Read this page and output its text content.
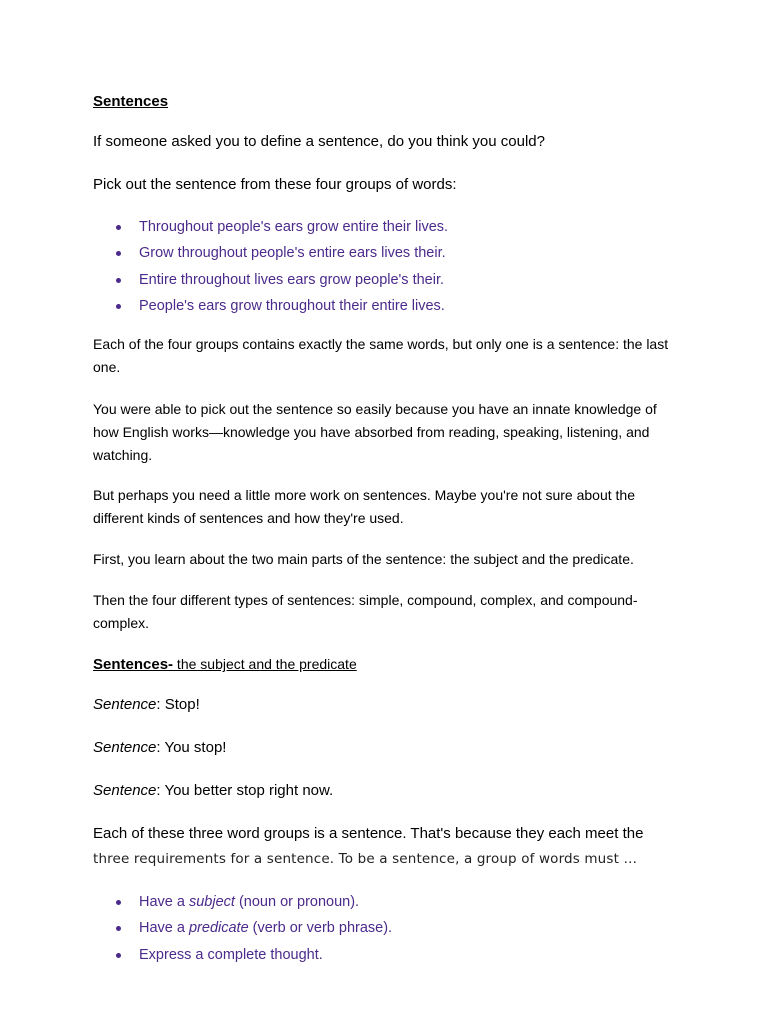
Sentences
If someone asked you to define a sentence, do you think you could?
Pick out the sentence from these four groups of words:
Throughout people's ears grow entire their lives.
Grow throughout people's entire ears lives their.
Entire throughout lives ears grow people's their.
People's ears grow throughout their entire lives.
Each of the four groups contains exactly the same words, but only one is a sentence: the last one.
You were able to pick out the sentence so easily because you have an innate knowledge of how English works—knowledge you have absorbed from reading, speaking, listening, and watching.
But perhaps you need a little more work on sentences. Maybe you're not sure about the different kinds of sentences and how they're used.
First, you learn about the two main parts of the sentence: the subject and the predicate.
Then the four different types of sentences: simple, compound, complex, and compound-complex.
Sentences- the subject and the predicate
Sentence: Stop!
Sentence: You stop!
Sentence: You better stop right now.
Each of these three word groups is a sentence. That's because they each meet the
three requirements for a sentence. To be a sentence, a group of words must …
Have a subject (noun or pronoun).
Have a predicate (verb or verb phrase).
Express a complete thought.
